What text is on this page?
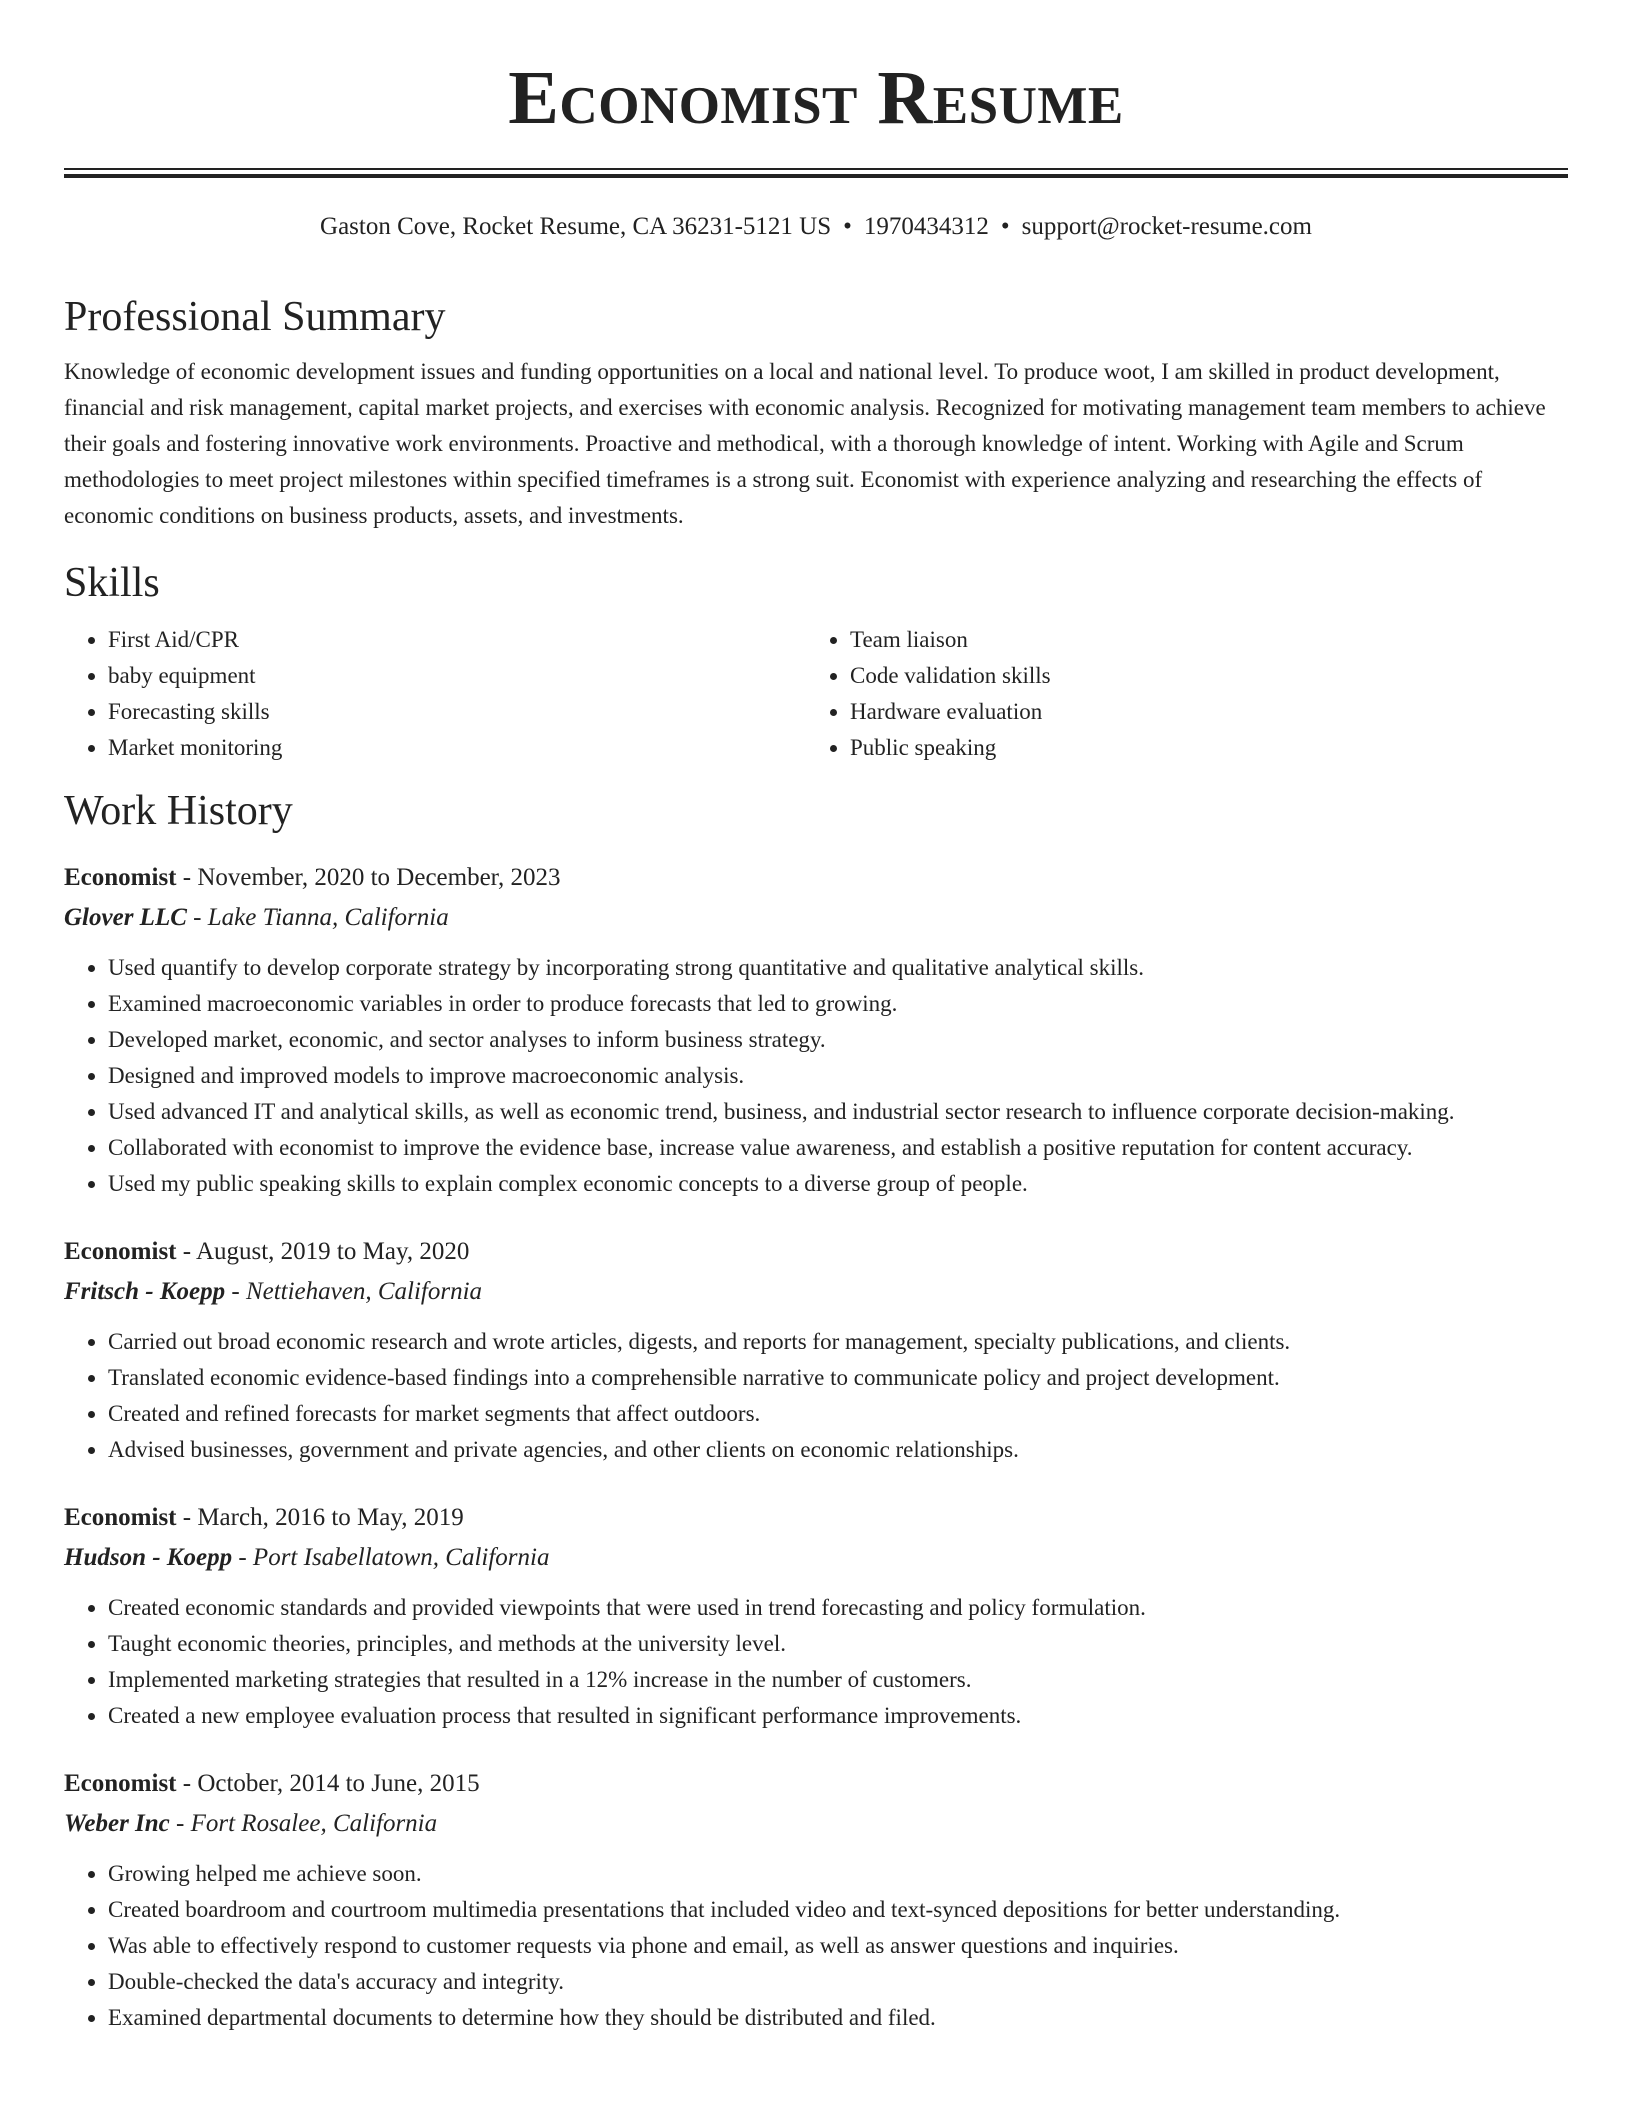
Economist Resume
Gaston Cove, Rocket Resume, CA 36231-5121 US • 1970434312 • support@rocket-resume.com
Professional Summary

Knowledge of economic development issues and funding opportunities on a local and national level. To produce woot, I am skilled in product development, financial and risk management, capital market projects, and exercises with economic analysis. Recognized for motivating management team members to achieve their goals and fostering innovative work environments. Proactive and methodical, with a thorough knowledge of intent. Working with Agile and Scrum methodologies to meet project milestones within specified timeframes is a strong suit. Economist with experience analyzing and researching the effects of economic conditions on business products, assets, and investments.

Skills
• First Aid/CPR
• baby equipment
• Forecasting skills
• Market monitoring
• Team liaison
• Code validation skills
• Hardware evaluation
• Public speaking
Work History
Economist - November, 2020 to December, 2023
Glover LLC - Lake Tianna, California
• Used quantify to develop corporate strategy by incorporating strong quantitative and qualitative analytical skills.
• Examined macroeconomic variables in order to produce forecasts that led to growing.
• Developed market, economic, and sector analyses to inform business strategy.
• Designed and improved models to improve macroeconomic analysis.
• Used advanced IT and analytical skills, as well as economic trend, business, and industrial sector research to influence corporate decision-making.
• Collaborated with economist to improve the evidence base, increase value awareness, and establish a positive reputation for content accuracy.
• Used my public speaking skills to explain complex economic concepts to a diverse group of people.
Economist - August, 2019 to May, 2020
Fritsch - Koepp - Nettiehaven, California
• Carried out broad economic research and wrote articles, digests, and reports for management, specialty publications, and clients.
• Translated economic evidence-based findings into a comprehensible narrative to communicate policy and project development.
• Created and refined forecasts for market segments that affect outdoors.
• Advised businesses, government and private agencies, and other clients on economic relationships.
Economist - March, 2016 to May, 2019
Hudson - Koepp - Port Isabellatown, California
• Created economic standards and provided viewpoints that were used in trend forecasting and policy formulation.
• Taught economic theories, principles, and methods at the university level.
• Implemented marketing strategies that resulted in a 12% increase in the number of customers.
• Created a new employee evaluation process that resulted in significant performance improvements.
Economist - October, 2014 to June, 2015
Weber Inc - Fort Rosalee, California
• Growing helped me achieve soon.
• Created boardroom and courtroom multimedia presentations that included video and text-synced depositions for better understanding.
• Was able to effectively respond to customer requests via phone and email, as well as answer questions and inquiries.
• Double-checked the data's accuracy and integrity.
• Examined departmental documents to determine how they should be distributed and filed.
